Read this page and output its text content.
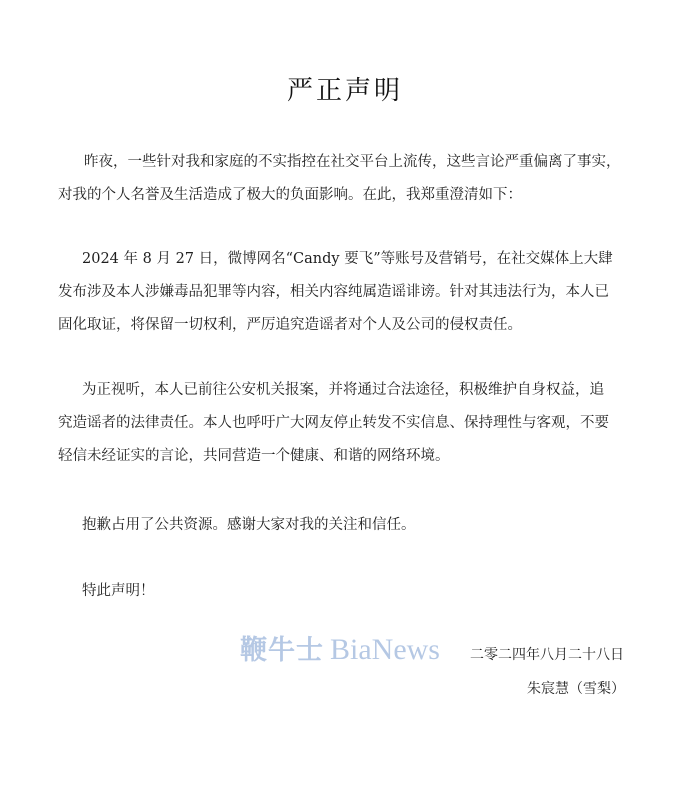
严正声明
昨夜，一些针对我和家庭的不实指控在社交平台上流传，这些言论严重偏离了事实，
对我的个人名誉及生活造成了极大的负面影响。在此，我郑重澄清如下：
2024 年 8 月 27 日，微博网名“Candy 要飞”等账号及营销号，在社交媒体上大肆
发布涉及本人涉嫌毒品犯罪等内容，相关内容纯属造谣诽谤。针对其违法行为，本人已
固化取证，将保留一切权利，严厉追究造谣者对个人及公司的侵权责任。
为正视听，本人已前往公安机关报案，并将通过合法途径，积极维护自身权益，追
究造谣者的法律责任。本人也呼吁广大网友停止转发不实信息、保持理性与客观，不要
轻信未经证实的言论，共同营造一个健康、和谐的网络环境。
抱歉占用了公共资源。感谢大家对我的关注和信任。
特此声明！
鞭牛士 BiaNews 二零二四年八月二十八日
朱宸慧（雪梨）
